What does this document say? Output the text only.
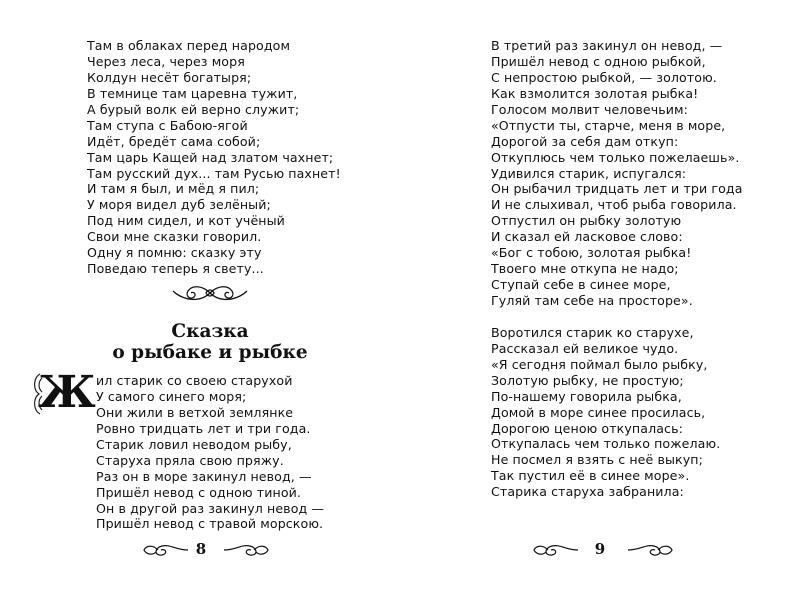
Там в облаках перед народом
Через леса, через моря
Колдун несёт богатыря;
В темнице там царевна тужит,
А бурый волк ей верно служит;
Там ступа с Бабою-ягой
Идёт, бредёт сама собой;
Там царь Кащей над златом чахнет;
Там русский дух... там Русью пахнет!
И там я был, и мёд я пил;
У моря видел дуб зелёный;
Под ним сидел, и кот учёный
Свои мне сказки говорил.
Одну я помню: сказку эту
Поведаю теперь я свету...
Сказка
о рыбаке и рыбке
Ж ил старик со своею старухой
У самого синего моря;
Они жили в ветхой землянке
Ровно тридцать лет и три года.
Старик ловил неводом рыбу,
Старуха пряла свою пряжу.
Раз он в море закинул невод, —
Пришёл невод с одною тиной.
Он в другой раз закинул невод —
Пришёл невод с травой морскою.
8	9
В третий раз закинул он невод, —
Пришёл невод с одною рыбкой,
С непростою рыбкой, — золотою.
Как взмолится золотая рыбка!
Голосом молвит человечьим:
«Отпусти ты, старче, меня в море,
Дорогой за себя дам откуп:
Откуплюсь чем только пожелаешь».
Удивился старик, испугался:
Он рыбачил тридцать лет и три года
И не слыхивал, чтоб рыба говорила.
Отпустил он рыбку золотую
И сказал ей ласковое слово:
«Бог с тобою, золотая рыбка!
Твоего мне откупа не надо;
Ступай себе в синее море,
Гуляй там себе на просторе».
Воротился старик ко старухе,
Рассказал ей великое чудо.
«Я сегодня поймал было рыбку,
Золотую рыбку, не простую;
По-нашему говорила рыбка,
Домой в море синее просилась,
Дорогою ценою откупалась:
Откупалась чем только пожелаю.
Не посмел я взять с неё выкуп;
Так пустил её в синее море».
Старика старуха забранила:
